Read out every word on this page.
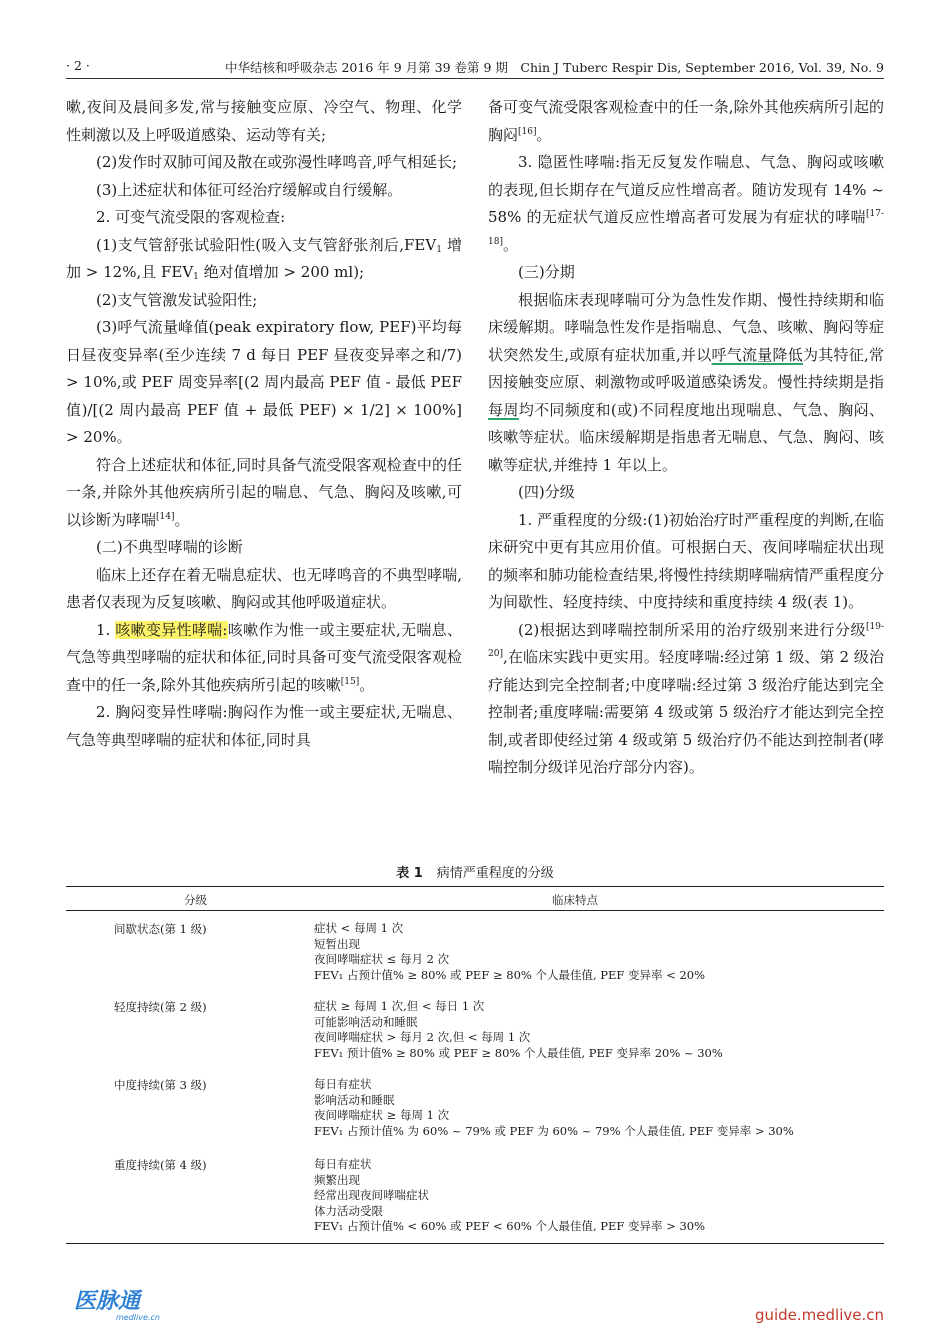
· 2 ·	中华结核和呼吸杂志 2016 年 9 月第 39 卷第 9 期　Chin J Tuberc Respir Dis, September 2016, Vol. 39, No. 9

嗽,夜间及晨间多发,常与接触变应原、冷空气、物理、化学性刺激以及上呼吸道感染、运动等有关;

(2)发作时双肺可闻及散在或弥漫性哮鸣音,呼气相延长;

(3)上述症状和体征可经治疗缓解或自行缓解。

2. 可变气流受限的客观检查:

(1)支气管舒张试验阳性(吸入支气管舒张剂后$,FEV_1$ 增加 > 12%,且 $FEV_1$ 绝对值增加 > 200 ml);

(2)支气管激发试验阳性;

(3)呼气流量峰值(peak expiratory flow, PEF)平均每日昼夜变异率(至少连续 7 d 每日 PEF 昼夜变异率之和/7) > 10%,或 PEF 周变异率[(2 周内最高 PEF 值 - 最低 PEF 值)/[(2 周内最高 PEF 值 + 最低 PEF) × 1/2] × 100%] > 20%。

符合上述症状和体征,同时具备气流受限客观检查中的任一条,并除外其他疾病所引起的喘息、气急、胸闷及咳嗽,可以诊断为哮喘[14]。

(二)不典型哮喘的诊断

临床上还存在着无喘息症状、也无哮鸣音的不典型哮喘,患者仅表现为反复咳嗽、胸闷或其他呼吸道症状。

1. 咳嗽变异性哮喘:咳嗽作为惟一或主要症状,无喘息、气急等典型哮喘的症状和体征,同时具备可变气流受限客观检查中的任一条,除外其他疾病所引起的咳嗽[15]。

2. 胸闷变异性哮喘:胸闷作为惟一或主要症状,无喘息、气急等典型哮喘的症状和体征,同时具

备可变气流受限客观检查中的任一条,除外其他疾病所引起的胸闷[16]。

3. 隐匿性哮喘:指无反复发作喘息、气急、胸闷或咳嗽的表现,但长期存在气道反应性增高者。随访发现有 14% ~ 58% 的无症状气道反应性增高者可发展为有症状的哮喘[17-18]。

(三)分期

根据临床表现哮喘可分为急性发作期、慢性持续期和临床缓解期。哮喘急性发作是指喘息、气急、咳嗽、胸闷等症状突然发生,或原有症状加重,并以呼气流量降低为其特征,常因接触变应原、刺激物或呼吸道感染诱发。慢性持续期是指每周均不同频度和(或)不同程度地出现喘息、气急、胸闷、咳嗽等症状。临床缓解期是指患者无喘息、气急、胸闷、咳嗽等症状,并维持 1 年以上。

(四)分级

1. 严重程度的分级:(1)初始治疗时严重程度的判断,在临床研究中更有其应用价值。可根据白天、夜间哮喘症状出现的频率和肺功能检查结果,将慢性持续期哮喘病情严重程度分为间歇性、轻度持续、中度持续和重度持续 4 级(表 1)。

(2)根据达到哮喘控制所采用的治疗级别来进行分级[19-20],在临床实践中更实用。轻度哮喘:经过第 1 级、第 2 级治疗能达到完全控制者;中度哮喘:经过第 3 级治疗能达到完全控制者;重度哮喘:需要第 4 级或第 5 级治疗才能达到完全控制,或者即使经过第 4 级或第 5 级治疗仍不能达到控制者(哮喘控制分级详见治疗部分内容)。

表 1 病情严重程度的分级
分级	临床特点
间歇状态(第 1 级)	症状 < 每周 1 次
短暂出现
夜间哮喘症状 ≤ 每月 2 次
FEV₁ 占预计值% ≥ 80% 或 PEF ≥ 80% 个人最佳值, PEF 变异率 < 20%
轻度持续(第 2 级)	症状 ≥ 每周 1 次,但 < 每日 1 次
可能影响活动和睡眠
夜间哮喘症状 > 每月 2 次,但 < 每周 1 次
FEV₁ 预计值% ≥ 80% 或 PEF ≥ 80% 个人最佳值, PEF 变异率 20% ~ 30%
中度持续(第 3 级)	每日有症状
影响活动和睡眠
夜间哮喘症状 ≥ 每周 1 次
FEV₁ 占预计值% 为 60% ~ 79% 或 PEF 为 60% ~ 79% 个人最佳值, PEF 变异率 > 30%
重度持续(第 4 级)	每日有症状
频繁出现
经常出现夜间哮喘症状
体力活动受限
FEV₁ 占预计值% < 60% 或 PEF < 60% 个人最佳值, PEF 变异率 > 30%
医脉通
medlive.cn	guide.medlive.cn
